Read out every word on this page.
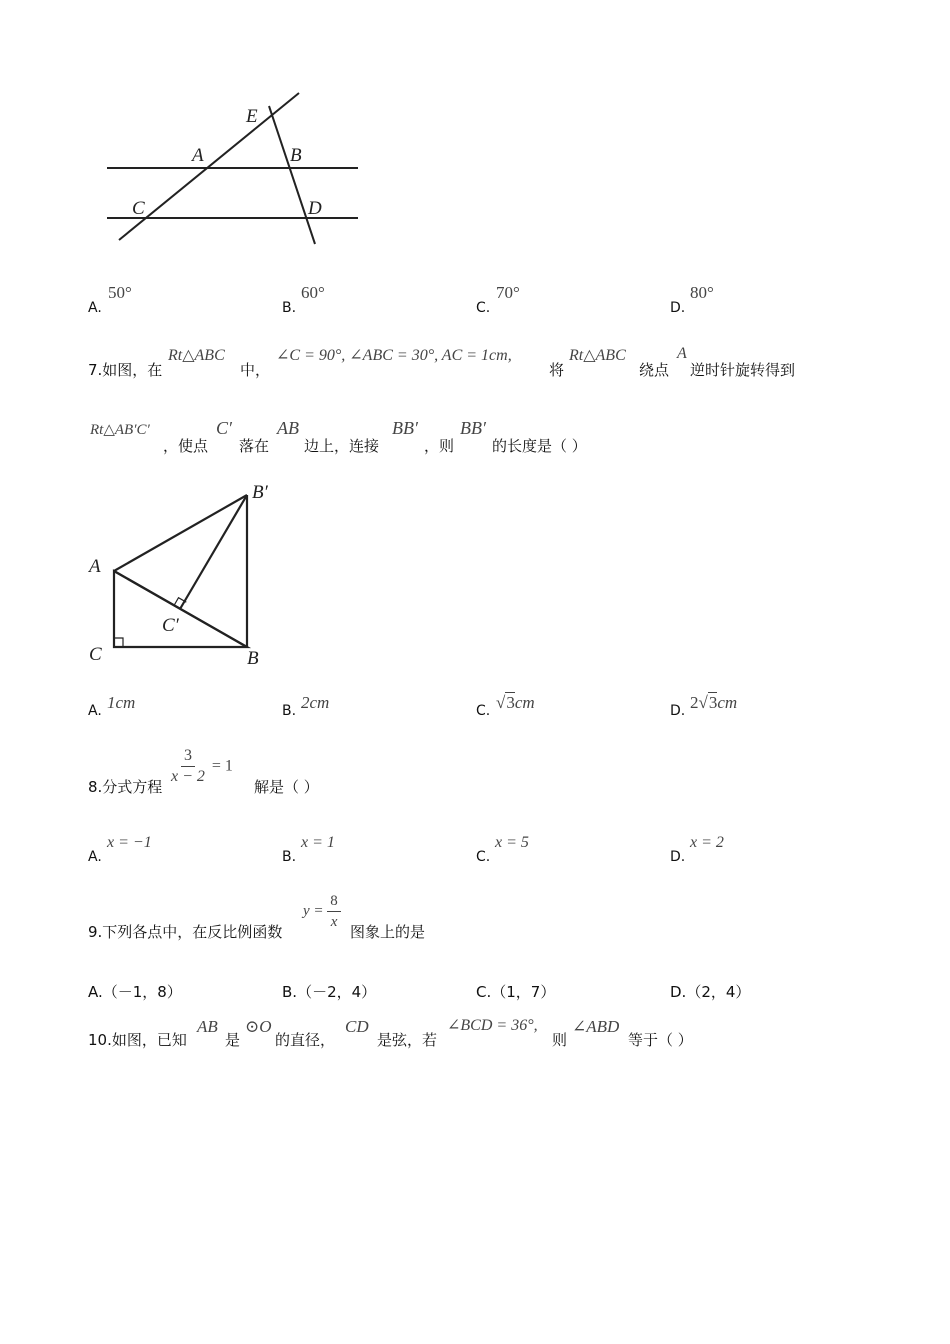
E
A	B
C	D
A.
50°
B.
60°
C.
70°
D.
80°
7.如图，在
Rt△ABC
中，
∠C = 90°, ∠ABC = 30°, AC = 1cm,
将
Rt△ABC
绕点
A
逆时针旋转得到
Rt△AB′C′
，使点
C′
落在
AB
边上，连接
BB′
，则
BB′
的长度是（ ）
B′
A
C′
C	B
A. 1cm	B. 2cm	C. √3cm	D. 2√3cm
8.分式方程 $\frac{3}{x - 2} = 1$
解是（ ）
A.
x = −1
B.
x = 1
C.
x = 5
D.
x = 2
9.下列各点中，在反比例函数
$y = \frac{8}{x}$ 图象上的是
A.（－1，8）	B.（－2，4）	C.（1，7）	D.（2，4）
10.如图，已知
AB
是
⊙O
的直径，
CD
是弦，若
∠BCD = 36°,
则
∠ABD
等于（ ）
